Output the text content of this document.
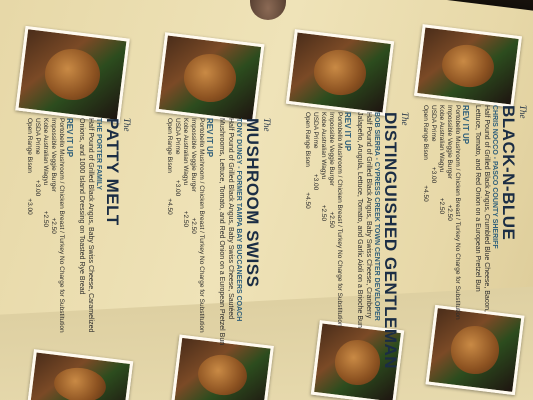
The
PATTY MELT
THE PORTER FAMILY
Half Pound of Grilled Black Angus, Baby Swiss Cheese, Caramelized Onions, and 1000 Island Dressing on Toasted Rye Bread
REV IT UP
Portobello Mushroom / Chicken Breast / Turkey No Charge for Substitution
Impossible Veggie Burger +2.50
Kobe Australian Wagyu +2.50
USDA Prime +3.00
Open Range Bison +3.00
The
MUSHROOM SWISS
TONY DUNGY - FORMER TAMPA BAY BUCCANEERS COACH
Half Pound of Grilled Black Angus, Baby Swiss Cheese, Sautéed Mushrooms, Lettuce, Tomato, and Red Onion on a European Pretzel Bun
REV IT UP
Portobello Mushroom / Chicken Breast / Turkey No Charge for Substitution
Impossible Veggie Burger +2.50
Kobe Australian Wagyu +2.50
USDA Prime +3.00
Open Range Bison +4.50
The
DISTINGUISHED GENTLEMAN
BOB SIERRA - CYPRESS CREEK TOWN CENTER DEVELOPER
Half Pound of Grilled Black Angus, Baby Swiss Cheese, Cranberry Jalapeño, Arugula, Lettuce, Tomato, and Garlic Aioli on a Brioche Bun
REV IT UP
Portobello Mushroom / Chicken Breast / Turkey No Charge for Substitution
Impossible Veggie Burger +2.50
Kobe Australian Wagyu +2.50
USDA Prime +3.00
Open Range Bison +4.50
The
BLACK-N-BLUE
CHRIS NOCCO - PASCO COUNTY SHERIFF
Half Pound of Grilled Black Angus, Crumbled Blue Cheese, Bacon, Lettuce, Tomato, and Red Onion on a European Pretzel Bun
REV IT UP
Portobello Mushroom / Chicken Breast / Turkey No Charge for Substitution
Impossible Veggie Burger +2.50
Kobe Australian Wagyu +2.50
USDA Prime +3.00
Open Range Bison +4.50
